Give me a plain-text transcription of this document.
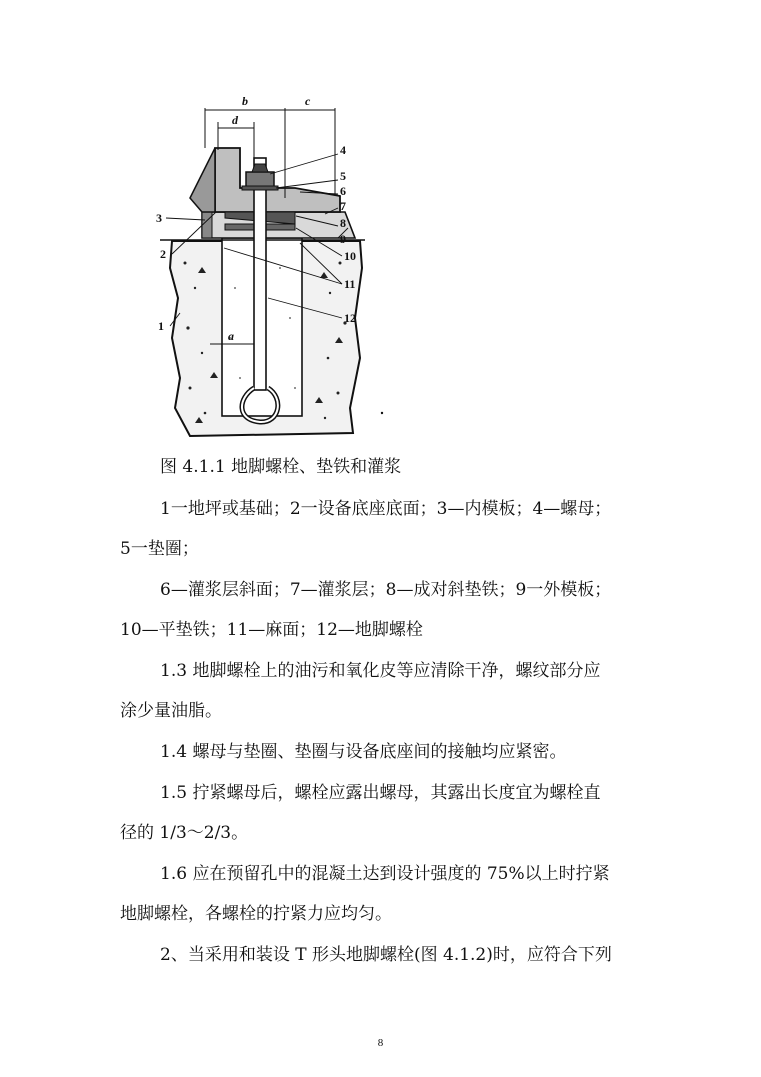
b	c
d
a
4
5
6
7
8
9
10
11
12
3
2
1
图 4.1.1 地脚螺栓、垫铁和灌浆
1一地坪或基础；2一设备底座底面；3—内模板；4—螺母；
5一垫圈；
6—灌浆层斜面；7—灌浆层；8—成对斜垫铁；9一外模板；
10—平垫铁；11—麻面；12—地脚螺栓
1.3 地脚螺栓上的油污和氧化皮等应清除干净，螺纹部分应
涂少量油脂。
1.4 螺母与垫圈、垫圈与设备底座间的接触均应紧密。
1.5 拧紧螺母后，螺栓应露出螺母，其露出长度宜为螺栓直
径的 1/3～2/3。
1.6 应在预留孔中的混凝土达到设计强度的 75%以上时拧紧
地脚螺栓，各螺栓的拧紧力应均匀。
2、当采用和装设 T 形头地脚螺栓(图 4.1.2)时，应符合下列
8
